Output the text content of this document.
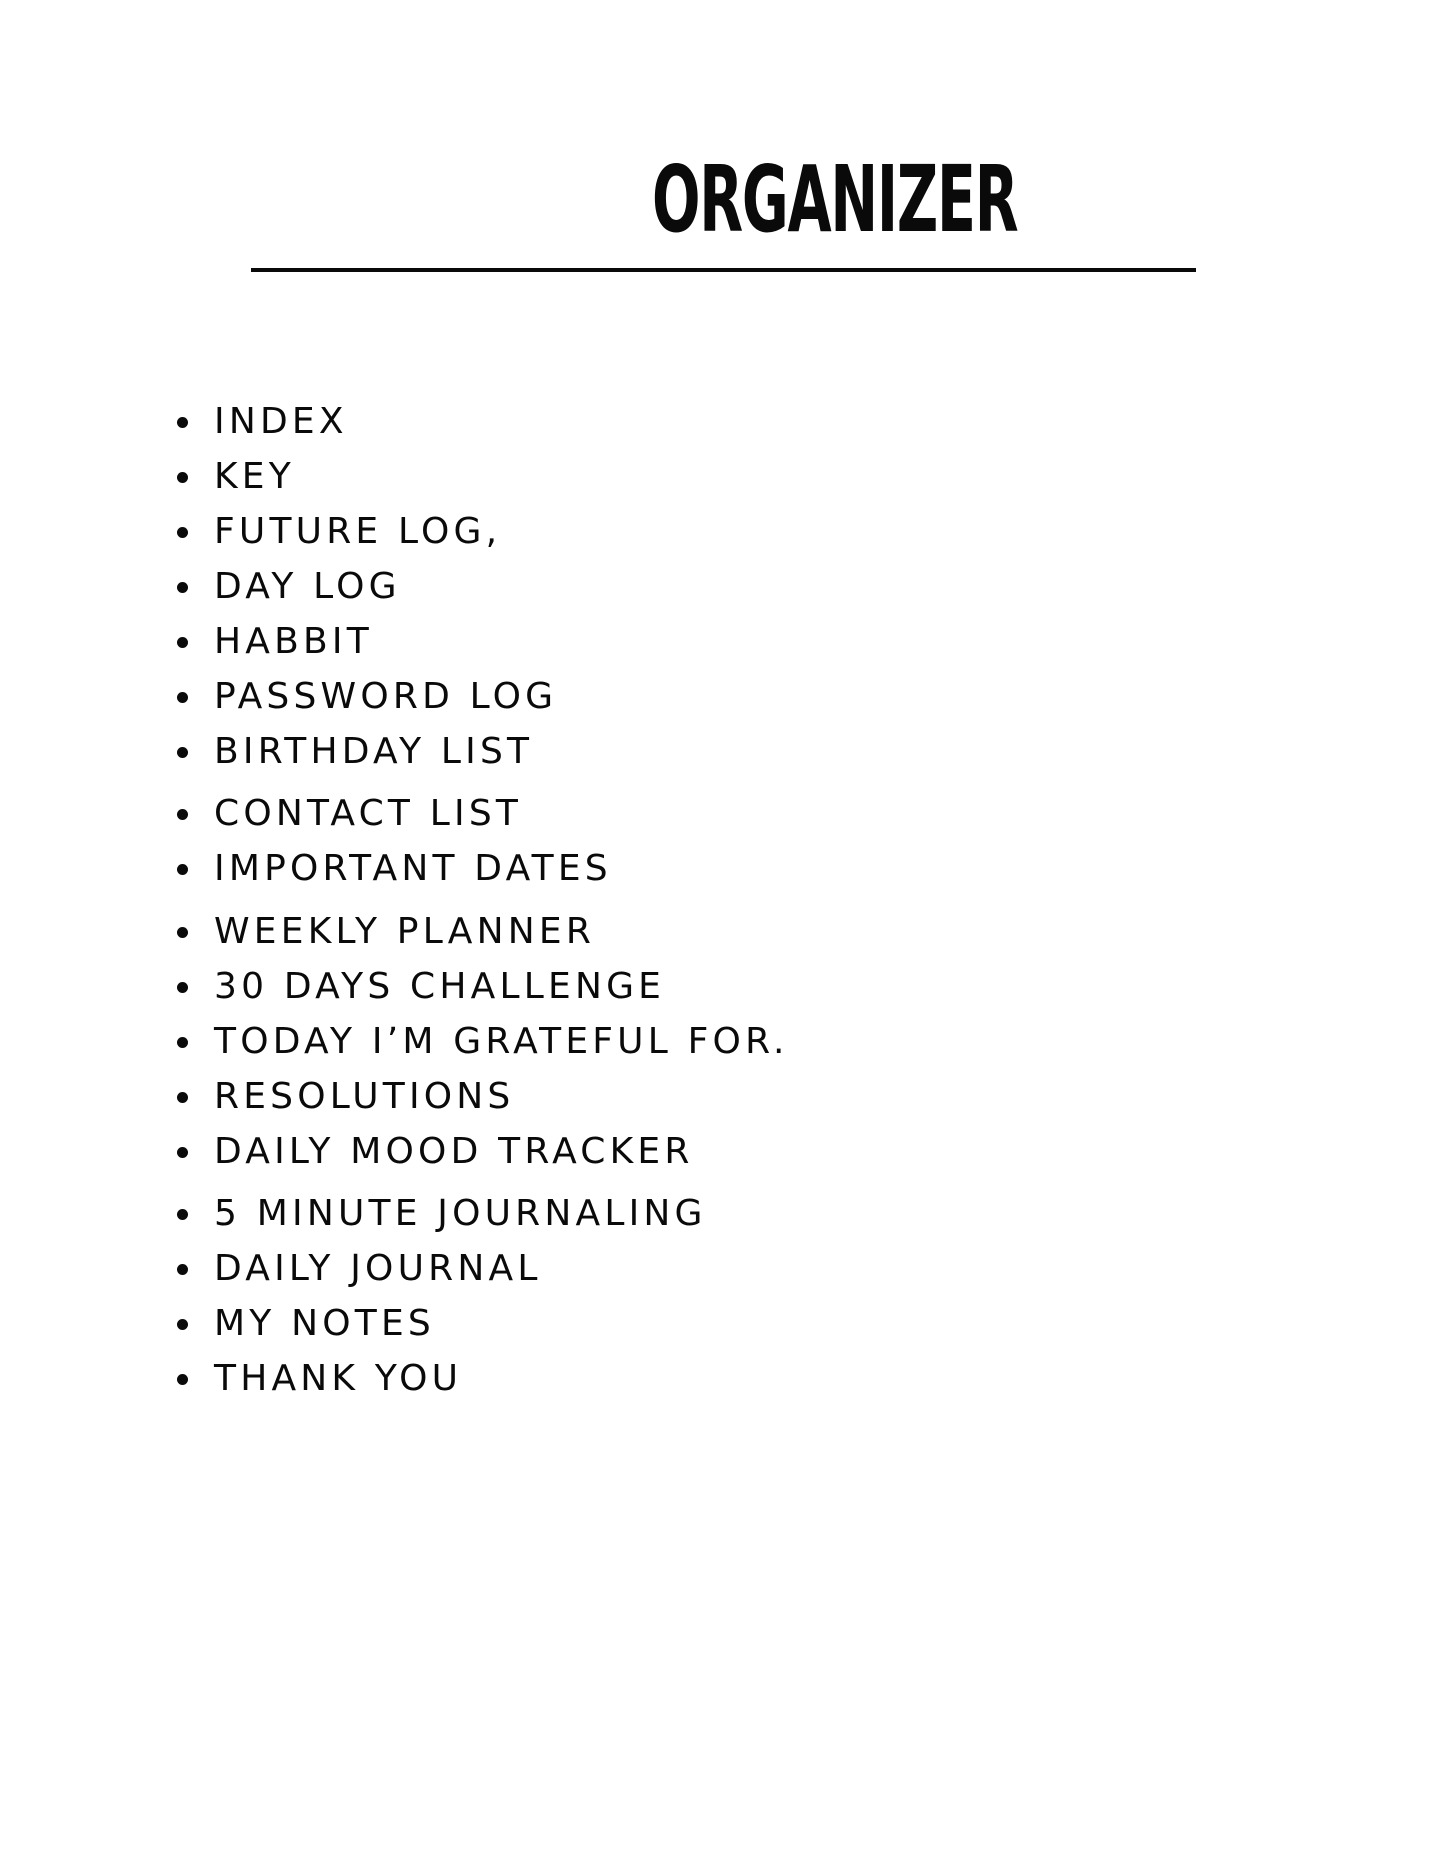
ORGANIZER
INDEX
KEY
FUTURE LOG,
DAY LOG
HABBIT
PASSWORD LOG
BIRTHDAY LIST
CONTACT LIST
IMPORTANT DATES
WEEKLY PLANNER
30 DAYS CHALLENGE
TODAY I’M GRATEFUL FOR.
RESOLUTIONS
DAILY MOOD TRACKER
5 MINUTE JOURNALING
DAILY JOURNAL
MY NOTES
THANK YOU
